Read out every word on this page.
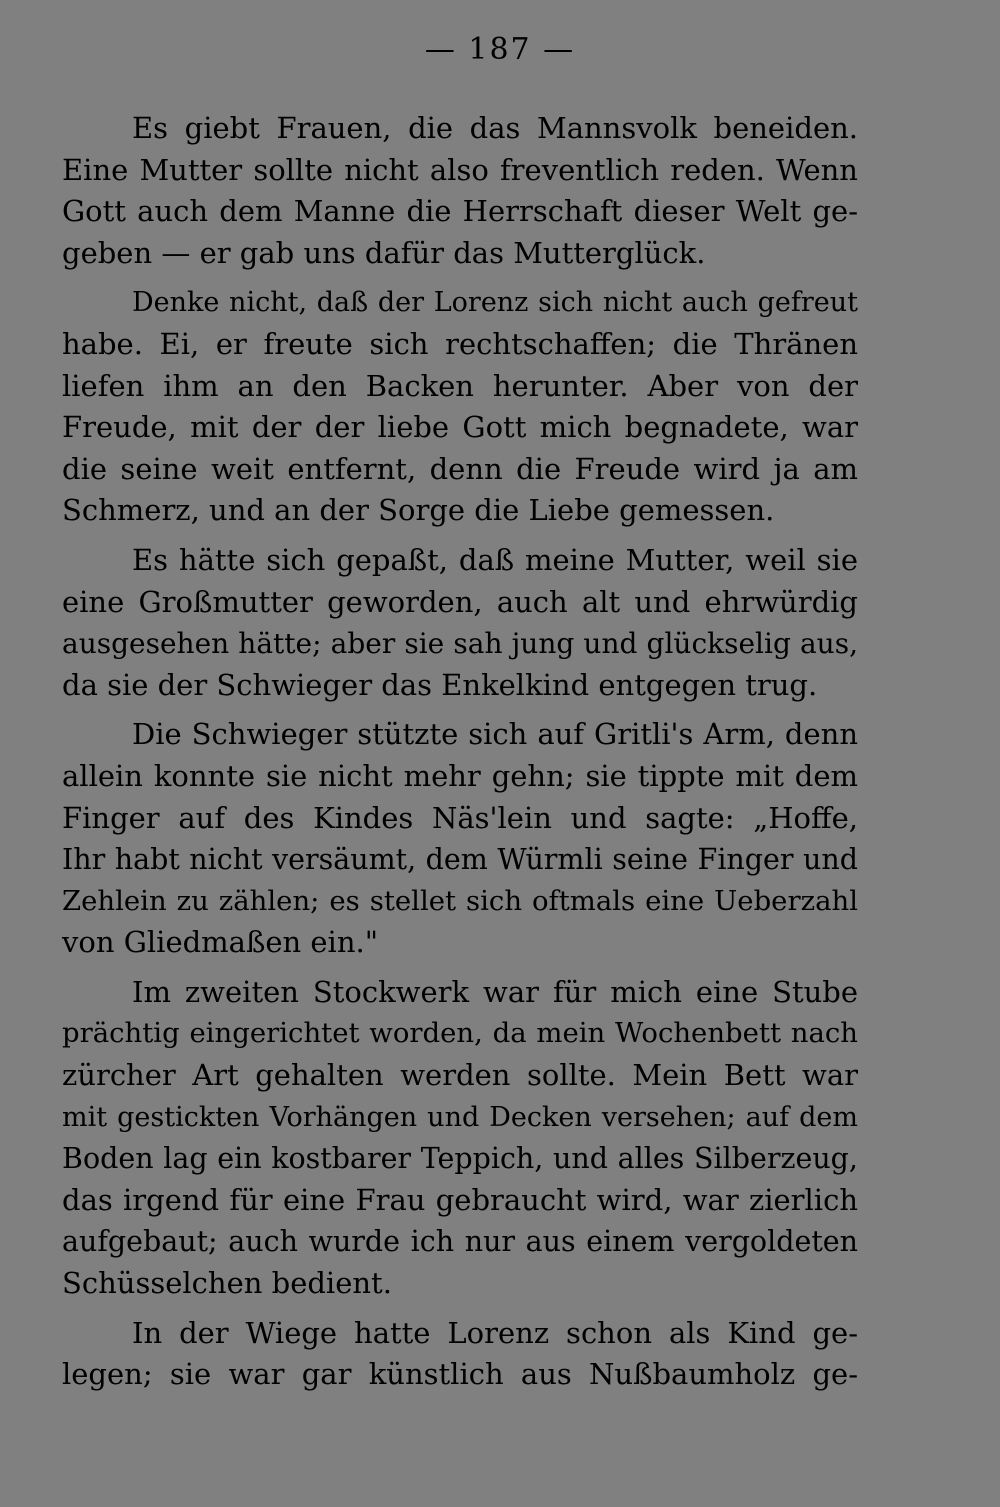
— 187 —
Es giebt Frauen, die das Mannsvolk beneiden.
Eine Mutter sollte nicht also freventlich reden. Wenn
Gott auch dem Manne die Herrschaft dieser Welt ge-
geben — er gab uns dafür das Mutterglück.
Denke nicht, daß der Lorenz sich nicht auch gefreut
habe. Ei, er freute sich rechtschaffen; die Thränen
liefen ihm an den Backen herunter. Aber von der
Freude, mit der der liebe Gott mich begnadete, war
die seine weit entfernt, denn die Freude wird ja am
Schmerz, und an der Sorge die Liebe gemessen.
Es hätte sich gepaßt, daß meine Mutter, weil sie
eine Großmutter geworden, auch alt und ehrwürdig
ausgesehen hätte; aber sie sah jung und glückselig aus,
da sie der Schwieger das Enkelkind entgegen trug.
Die Schwieger stützte sich auf Gritli's Arm, denn
allein konnte sie nicht mehr gehn; sie tippte mit dem
Finger auf des Kindes Näs'lein und sagte: „Hoffe,
Ihr habt nicht versäumt, dem Würmli seine Finger und
Zehlein zu zählen; es stellet sich oftmals eine Ueberzahl
von Gliedmaßen ein."
Im zweiten Stockwerk war für mich eine Stube
prächtig eingerichtet worden, da mein Wochenbett nach
zürcher Art gehalten werden sollte. Mein Bett war
mit gestickten Vorhängen und Decken versehen; auf dem
Boden lag ein kostbarer Teppich, und alles Silberzeug,
das irgend für eine Frau gebraucht wird, war zierlich
aufgebaut; auch wurde ich nur aus einem vergoldeten
Schüsselchen bedient.
In der Wiege hatte Lorenz schon als Kind ge-
legen; sie war gar künstlich aus Nußbaumholz ge-
